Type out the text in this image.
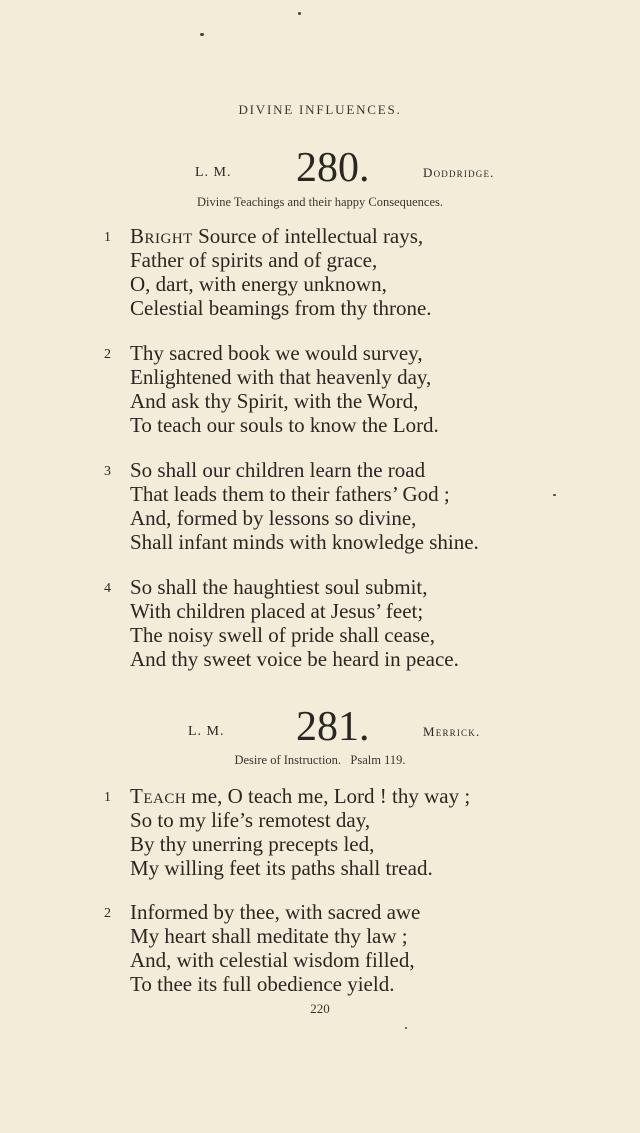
DIVINE INFLUENCES.
L. M. 280.	Doddridge.
Divine Teachings and their happy Consequences.
1 Bright Source of intellectual rays,
Father of spirits and of grace,
O, dart, with energy unknown,
Celestial beamings from thy throne.
2 Thy sacred book we would survey,
Enlightened with that heavenly day,
And ask thy Spirit, with the Word,
To teach our souls to know the Lord.
3 So shall our children learn the road
That leads them to their fathers’ God ;
And, formed by lessons so divine,
Shall infant minds with knowledge shine.
4 So shall the haughtiest soul submit,
With children placed at Jesus’ feet;
The noisy swell of pride shall cease,
And thy sweet voice be heard in peace.
L. M. 281.	Merrick.
Desire of Instruction.   Psalm 119.
1 Teach me, O teach me, Lord ! thy way ;
So to my life’s remotest day,
By thy unerring precepts led,
My willing feet its paths shall tread.
2 Informed by thee, with sacred awe
My heart shall meditate thy law ;
And, with celestial wisdom filled,
To thee its full obedience yield.
220
